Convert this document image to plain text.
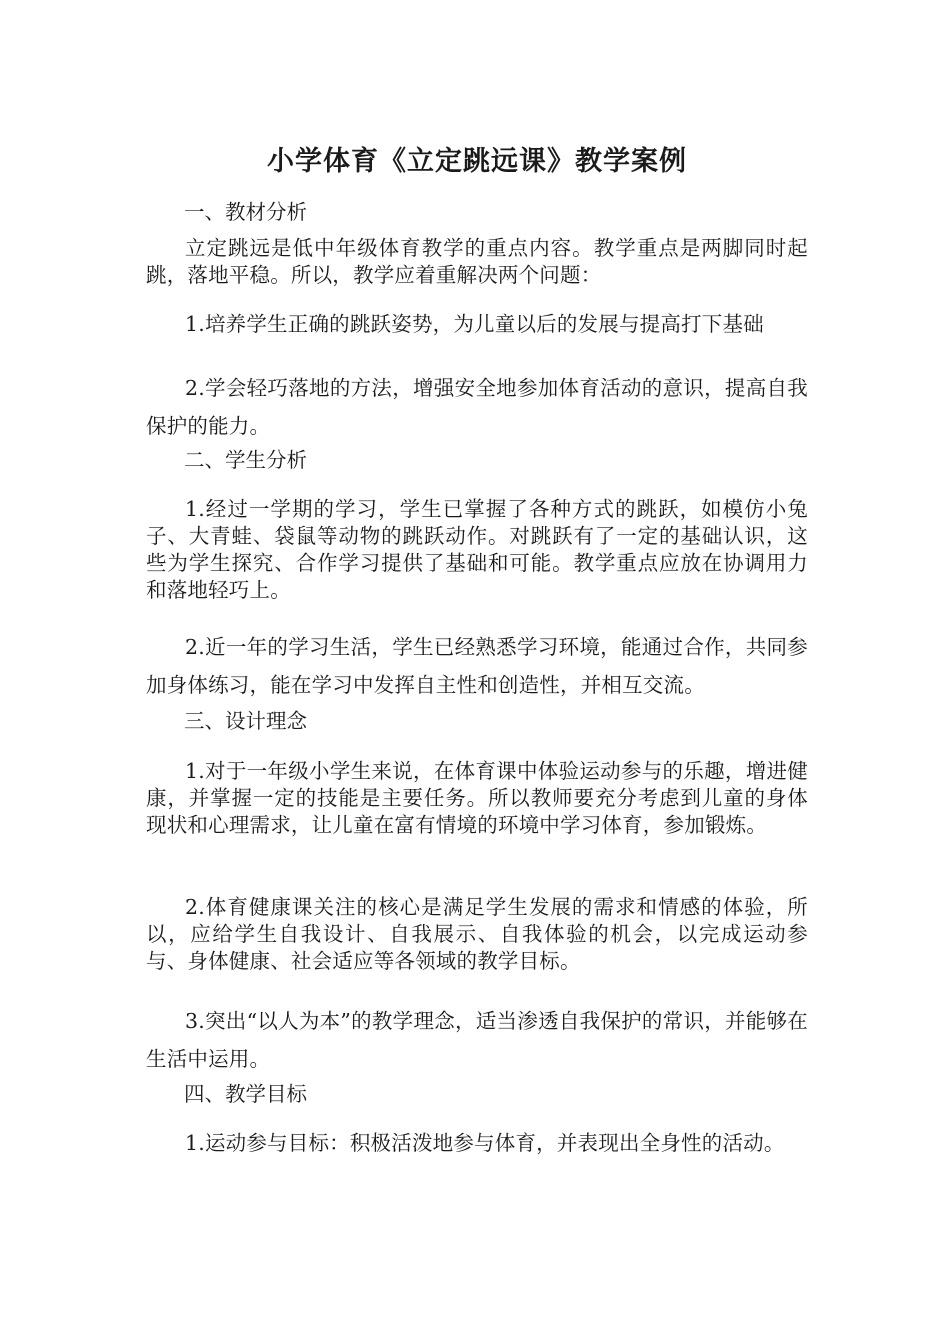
小学体育《立定跳远课》教学案例

一、教材分析

立定跳远是低中年级体育教学的重点内容。教学重点是两脚同时起跳，落地平稳。所以，教学应着重解决两个问题：

1.培养学生正确的跳跃姿势，为儿童以后的发展与提高打下基础

2.学会轻巧落地的方法，增强安全地参加体育活动的意识，提高自我保护的能力。

二、学生分析

1.经过一学期的学习，学生已掌握了各种方式的跳跃，如模仿小兔子、大青蛙、袋鼠等动物的跳跃动作。对跳跃有了一定的基础认识，这些为学生探究、合作学习提供了基础和可能。教学重点应放在协调用力和落地轻巧上。

2.近一年的学习生活，学生已经熟悉学习环境，能通过合作，共同参加身体练习，能在学习中发挥自主性和创造性，并相互交流。

三、设计理念

1.对于一年级小学生来说，在体育课中体验运动参与的乐趣，增进健康，并掌握一定的技能是主要任务。所以教师要充分考虑到儿童的身体现状和心理需求，让儿童在富有情境的环境中学习体育，参加锻炼。

2.体育健康课关注的核心是满足学生发展的需求和情感的体验，所以，应给学生自我设计、自我展示、自我体验的机会，以完成运动参与、身体健康、社会适应等各领域的教学目标。

3.突出“以人为本”的教学理念，适当渗透自我保护的常识，并能够在生活中运用。

四、教学目标

1.运动参与目标：积极活泼地参与体育，并表现出全身性的活动。
